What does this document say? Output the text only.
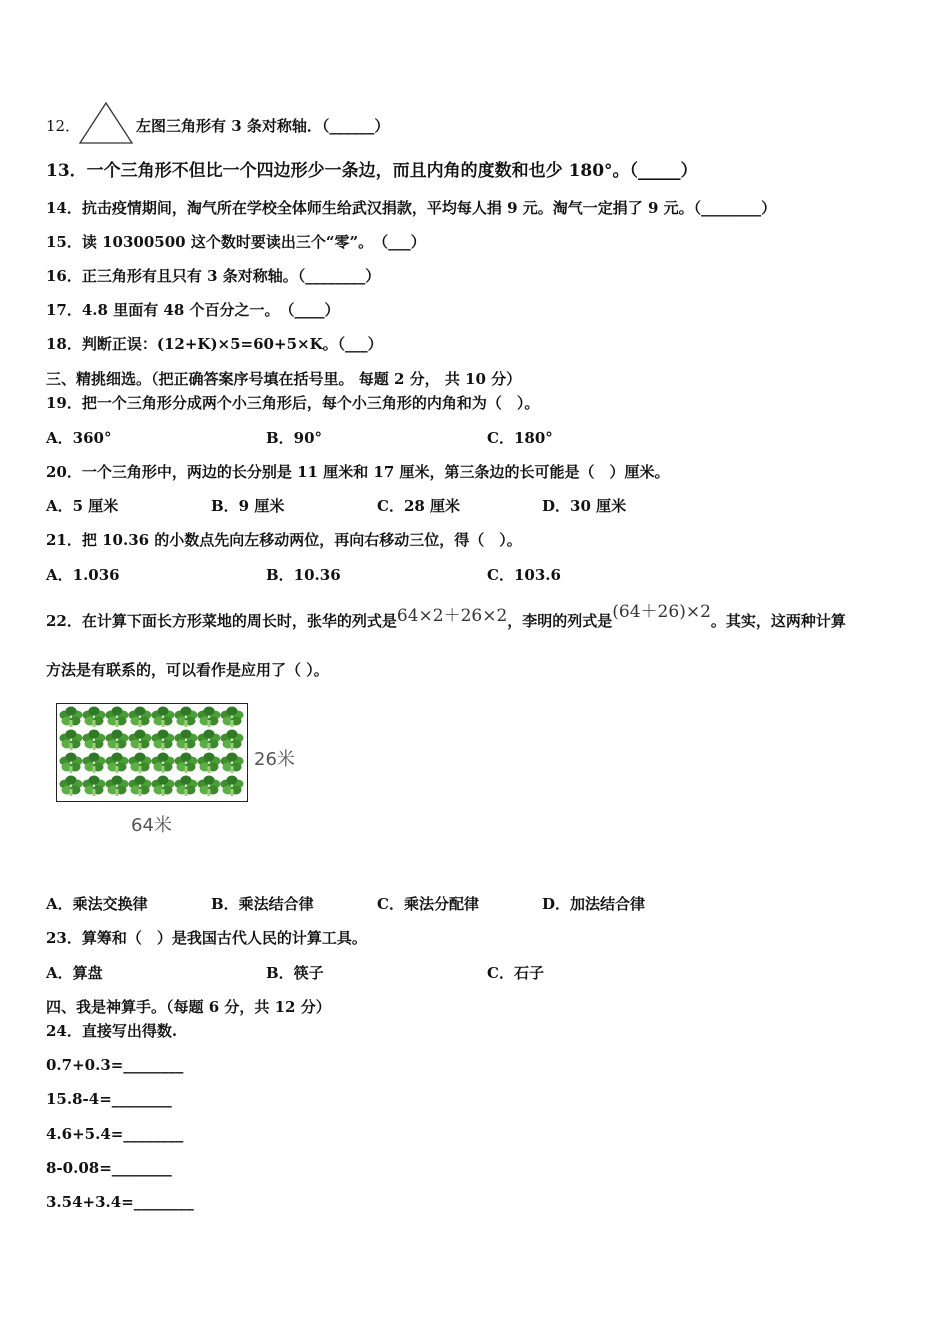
12．	左图三角形有 3 条对称轴．（______）
13．一个三角形不但比一个四边形少一条边，而且内角的度数和也少 180°。（_____）
14．抗击疫情期间，淘气所在学校全体师生给武汉捐款，平均每人捐 9 元。淘气一定捐了 9 元。（________）
15．读 10300500 这个数时要读出三个“零”。　（___）
16．正三角形有且只有 3 条对称轴。（________）
17．4.8 里面有 48 个百分之一。　（____）
18．判断正误：(12+K)×5=60+5×K。（___）
三、精挑细选。（把正确答案序号填在括号里。 每题 2 分， 共 10 分）
19．把一个三角形分成两个小三角形后，每个小三角形的内角和为（　）。
A．360°	B．90°	C．180°
20．一个三角形中，两边的长分别是 11 厘米和 17 厘米，第三条边的长可能是（　）厘米。
A．5 厘米	B．9 厘米	C．28 厘米	D．30 厘米
21．把 10.36 的小数点先向左移动两位，再向右移动三位，得（　）。
A．1.036	B．10.36	C．103.6
22．在计算下面长方形菜地的周长时，张华的列式是64×2＋26×2，李明的列式是(64＋26)×2。其实，这两种计算
方法是有联系的，可以看作是应用了（ ）。
26米
64米
A．乘法交换律	B．乘法结合律	C．乘法分配律	D．加法结合律
23．算筹和（　）是我国古代人民的计算工具。
A．算盘	B．筷子	C．石子
四、我是神算手。（每题 6 分，共 12 分）
24．直接写出得数.
0.7+0.3=________
15.8-4=________
4.6+5.4=________
8-0.08=________
3.54+3.4=________
